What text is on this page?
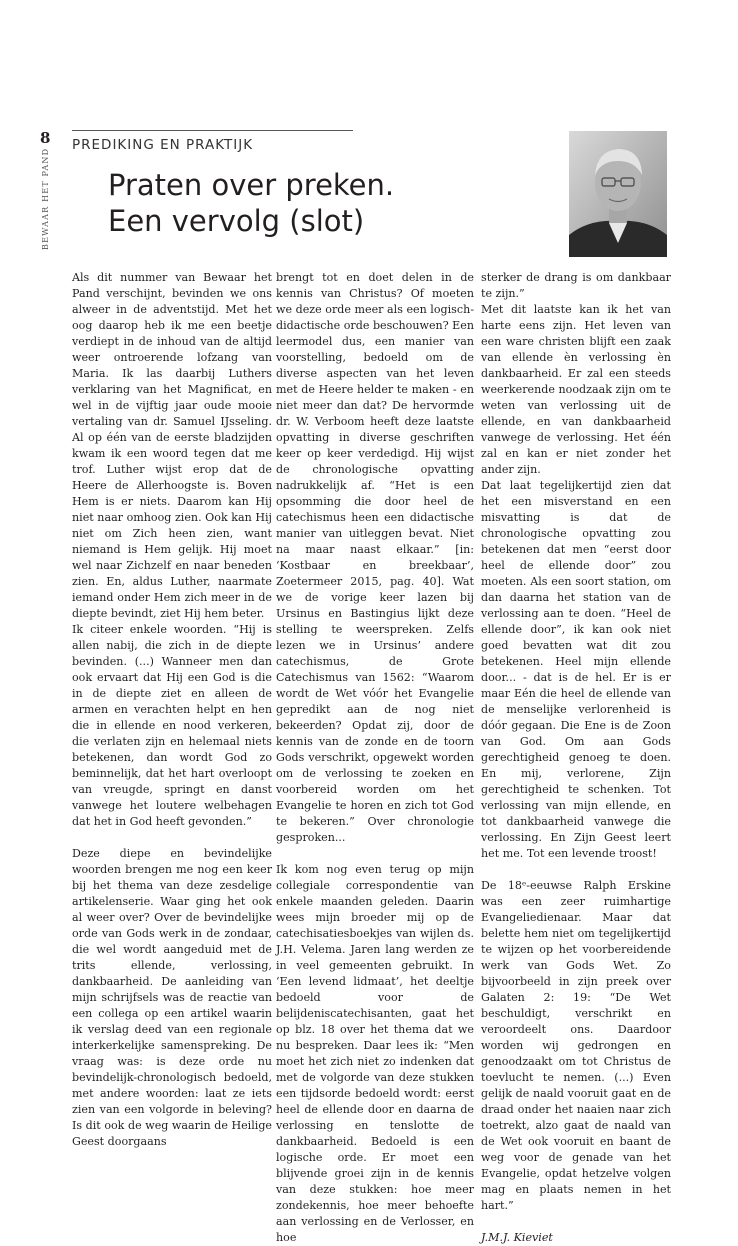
8
BEWAAR HET PAND
PREDIKING EN PRAKTIJK
Praten over preken.
Een vervolg (slot)

Als dit nummer van Bewaar het Pand verschijnt, bevinden we ons alweer in de adventstijd. Met het oog daarop heb ik me een beetje verdiept in de inhoud van de altijd weer ontroerende lofzang van Maria. Ik las daarbij Luthers verklaring van het Magnificat, en wel in de vijftig jaar oude mooie vertaling van dr. Samuel IJsseling. Al op één van de eerste bladzijden kwam ik een woord tegen dat me trof. Luther wijst erop dat de Heere de Allerhoogste is. Boven Hem is er niets. Daarom kan Hij niet naar omhoog zien. Ook kan Hij niet om Zich heen zien, want niemand is Hem gelijk. Hij moet wel naar Zichzelf en naar beneden zien. En, aldus Luther, naarmate iemand onder Hem zich meer in de diepte bevindt, ziet Hij hem beter.

Ik citeer enkele woorden. “Hij is allen nabij, die zich in de diepte bevinden. (...) Wanneer men dan ook ervaart dat Hij een God is die in de diepte ziet en alleen de armen en verachten helpt en hen die in ellende en nood verkeren, die verlaten zijn en helemaal niets betekenen, dan wordt God zo beminnelijk, dat het hart overloopt van vreugde, springt en danst vanwege het loutere welbehagen dat het in God heeft gevonden.”

Deze diepe en bevindelijke woorden brengen me nog een keer bij het thema van deze zesdelige artikelenserie. Waar ging het ook al weer over? Over de bevindelijke orde van Gods werk in de zondaar, die wel wordt aangeduid met de trits ellende, verlossing, dankbaarheid. De aanleiding van mijn schrijfsels was de reactie van een collega op een artikel waarin ik verslag deed van een regionale interkerkelijke samenspreking. De vraag was: is deze orde nu bevindelijk-chronologisch bedoeld, met andere woorden: laat ze iets zien van een volgorde in beleving? Is dit ook de weg waarin de Heilige Geest doorgaans

brengt tot en doet delen in de kennis van Christus? Of moeten we deze orde meer als een logisch-didactische orde beschouwen? Een leermodel dus, een manier van voorstelling, bedoeld om de diverse aspecten van het leven met de Heere helder te maken - en niet meer dan dat? De hervormde dr. W. Verboom heeft deze laatste opvatting in diverse geschriften keer op keer verdedigd. Hij wijst de chronologische opvatting nadrukkelijk af. “Het is een opsomming die door heel de catechismus heen een didactische manier van uitleggen bevat. Niet na maar naast elkaar.” [in: ‘Kostbaar en breekbaar’, Zoetermeer 2015, pag. 40]. Wat we de vorige keer lazen bij Ursinus en Bastingius lijkt deze stelling te weerspreken. Zelfs lezen we in Ursinus’ andere catechismus, de Grote Catechismus van 1562: “Waarom wordt de Wet vóór het Evangelie gepredikt aan de nog niet bekeerden? Opdat zij, door de kennis van de zonde en de toorn Gods verschrikt, opgewekt worden om de verlossing te zoeken en voorbereid worden om het Evangelie te horen en zich tot God te bekeren.” Over chronologie gesproken...

Ik kom nog even terug op mijn collegiale correspondentie van enkele maanden geleden. Daarin wees mijn broeder mij op de catechisatiesboekjes van wijlen ds. J.H. Velema. Jaren lang werden ze in veel gemeenten gebruikt. In ‘Een levend lidmaat’, het deeltje bedoeld voor de belijdeniscatechisanten, gaat het op blz. 18 over het thema dat we nu bespreken. Daar lees ik: “Men moet het zich niet zo indenken dat met de volgorde van deze stukken een tijdsorde bedoeld wordt: eerst heel de ellende door en daarna de verlossing en tenslotte de dankbaarheid. Bedoeld is een logische orde. Er moet een blijvende groei zijn in de kennis van deze stukken: hoe meer zondekennis, hoe meer behoefte aan verlossing en de Verlosser, en hoe

sterker de drang is om dankbaar te zijn.”

Met dit laatste kan ik het van harte eens zijn. Het leven van een ware christen blijft een zaak van ellende èn verlossing èn dankbaarheid. Er zal een steeds weerkerende noodzaak zijn om te weten van verlossing uit de ellende, en van dankbaarheid vanwege de verlossing. Het één zal en kan er niet zonder het ander zijn.

Dat laat tegelijkertijd zien dat het een misverstand en een misvatting is dat de chronologische opvatting zou betekenen dat men “eerst door heel de ellende door” zou moeten. Als een soort station, om dan daarna het station van de verlossing aan te doen. “Heel de ellende door”, ik kan ook niet goed bevatten wat dit zou betekenen. Heel mijn ellende door... - dat is de hel. Er is er maar Eén die heel de ellende van de menselijke verlorenheid is dóór gegaan. Die Ene is de Zoon van God. Om aan Gods gerechtigheid genoeg te doen. En mij, verlorene, Zijn gerechtigheid te schenken. Tot verlossing van mijn ellende, en tot dankbaarheid vanwege die verlossing. En Zijn Geest leert het me. Tot een levende troost!

De 18ᵉ-eeuwse Ralph Erskine was een zeer ruimhartige Evangeliedienaar. Maar dat belette hem niet om tegelijkertijd te wijzen op het voorbereidende werk van Gods Wet. Zo bijvoorbeeld in zijn preek over Galaten 2: 19: “De Wet beschuldigt, verschrikt en veroordeelt ons. Daardoor worden wij gedrongen en genoodzaakt om tot Christus de toevlucht te nemen. (...) Even gelijk de naald vooruit gaat en de draad onder het naaien naar zich toetrekt, alzo gaat de naald van de Wet ook vooruit en baant de weg voor de genade van het Evangelie, opdat hetzelve volgen mag en plaats nemen in het hart.”

J.M.J. Kieviet
